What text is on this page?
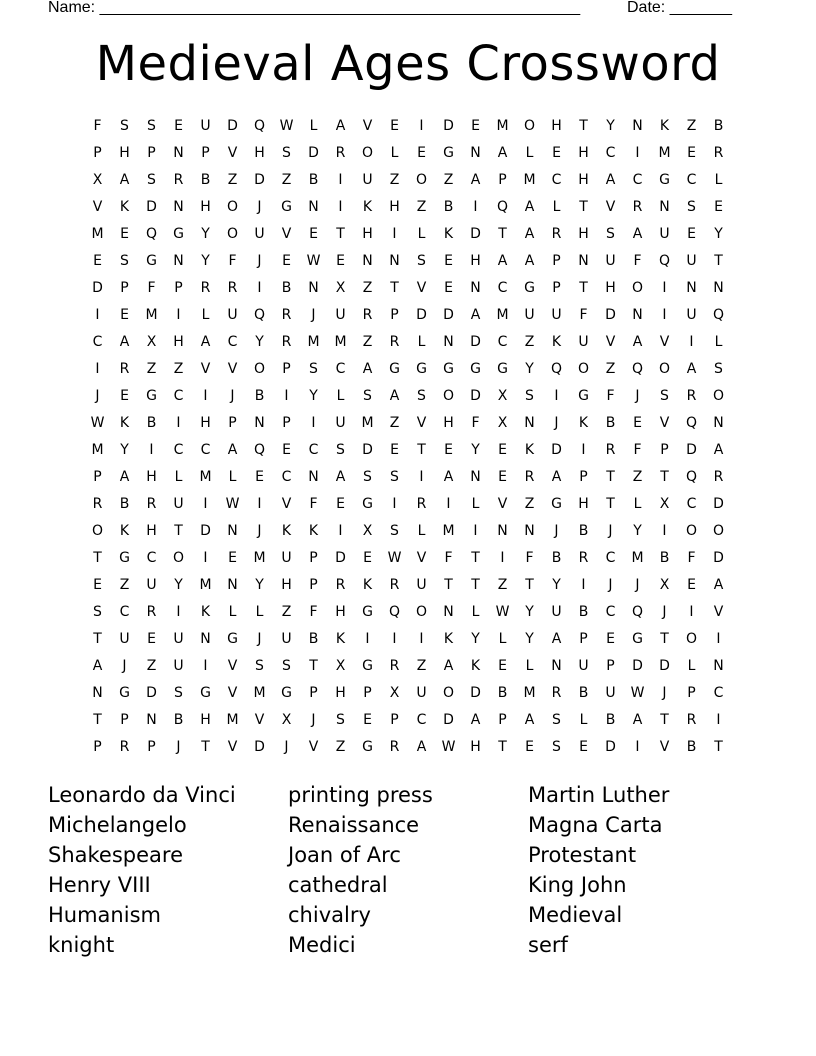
Name: ______________________________________________________	Date: _______
Medieval Ages Crossword
F	S	S	E	U	D	Q	W	L	A	V	E	I	D	E	M	O	H	T	Y	N	K	Z	B
P	H	P	N	P	V	H	S	D	R	O	L	E	G	N	A	L	E	H	C	I	M	E	R
X	A	S	R	B	Z	D	Z	B	I	U	Z	O	Z	A	P	M	C	H	A	C	G	C	L
V	K	D	N	H	O	J	G	N	I	K	H	Z	B	I	Q	A	L	T	V	R	N	S	E
M	E	Q	G	Y	O	U	V	E	T	H	I	L	K	D	T	A	R	H	S	A	U	E	Y
E	S	G	N	Y	F	J	E	W	E	N	N	S	E	H	A	A	P	N	U	F	Q	U	T
D	P	F	P	R	R	I	B	N	X	Z	T	V	E	N	C	G	P	T	H	O	I	N	N
I	E	M	I	L	U	Q	R	J	U	R	P	D	D	A	M	U	U	F	D	N	I	U	Q
C	A	X	H	A	C	Y	R	M	M	Z	R	L	N	D	C	Z	K	U	V	A	V	I	L
I	R	Z	Z	V	V	O	P	S	C	A	G	G	G	G	G	Y	Q	O	Z	Q	O	A	S
J	E	G	C	I	J	B	I	Y	L	S	A	S	O	D	X	S	I	G	F	J	S	R	O
W	K	B	I	H	P	N	P	I	U	M	Z	V	H	F	X	N	J	K	B	E	V	Q	N
M	Y	I	C	C	A	Q	E	C	S	D	E	T	E	Y	E	K	D	I	R	F	P	D	A
P	A	H	L	M	L	E	C	N	A	S	S	I	A	N	E	R	A	P	T	Z	T	Q	R
R	B	R	U	I	W	I	V	F	E	G	I	R	I	L	V	Z	G	H	T	L	X	C	D
O	K	H	T	D	N	J	K	K	I	X	S	L	M	I	N	N	J	B	J	Y	I	O	O
T	G	C	O	I	E	M	U	P	D	E	W	V	F	T	I	F	B	R	C	M	B	F	D
E	Z	U	Y	M	N	Y	H	P	R	K	R	U	T	T	Z	T	Y	I	J	J	X	E	A
S	C	R	I	K	L	L	Z	F	H	G	Q	O	N	L	W	Y	U	B	C	Q	J	I	V
T	U	E	U	N	G	J	U	B	K	I	I	I	K	Y	L	Y	A	P	E	G	T	O	I
A	J	Z	U	I	V	S	S	T	X	G	R	Z	A	K	E	L	N	U	P	D	D	L	N
N	G	D	S	G	V	M	G	P	H	P	X	U	O	D	B	M	R	B	U	W	J	P	C
T	P	N	B	H	M	V	X	J	S	E	P	C	D	A	P	A	S	L	B	A	T	R	I
P	R	P	J	T	V	D	J	V	Z	G	R	A	W	H	T	E	S	E	D	I	V	B	T
Leonardo da Vinci	printing press	Martin Luther
Michelangelo	Renaissance	Magna Carta
Shakespeare	Joan of Arc	Protestant
Henry VIII	cathedral	King John
Humanism	chivalry	Medieval
knight	Medici	serf
